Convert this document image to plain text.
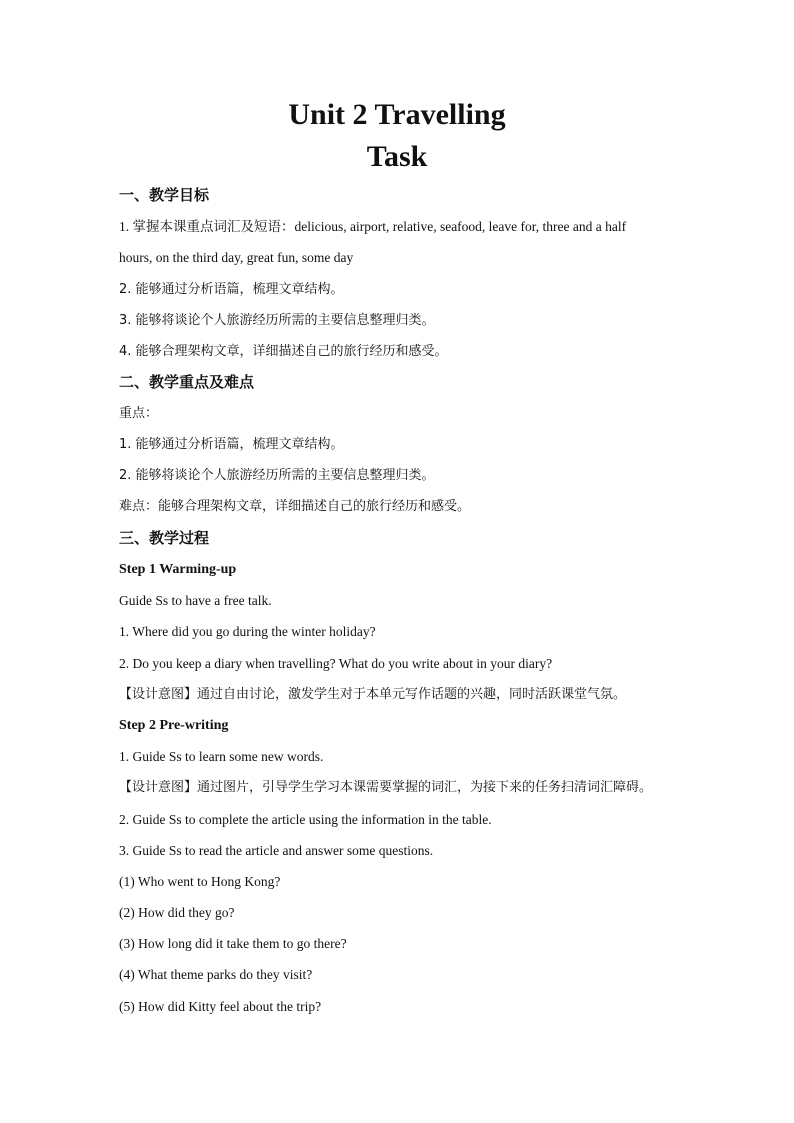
Unit 2 Travelling
Task
一、教学目标
1. 掌握本课重点词汇及短语：delicious, airport, relative, seafood, leave for, three and a half
hours, on the third day, great fun, some day
2. 能够通过分析语篇，梳理文章结构。
3. 能够将谈论个人旅游经历所需的主要信息整理归类。
4. 能够合理架构文章，详细描述自己的旅行经历和感受。
二、教学重点及难点
重点：
1. 能够通过分析语篇，梳理文章结构。
2. 能够将谈论个人旅游经历所需的主要信息整理归类。
难点：能够合理架构文章，详细描述自己的旅行经历和感受。
三、教学过程
Step 1 Warming-up
Guide Ss to have a free talk.
1. Where did you go during the winter holiday?
2. Do you keep a diary when travelling? What do you write about in your diary?
【设计意图】通过自由讨论，激发学生对于本单元写作话题的兴趣，同时活跃课堂气氛。
Step 2 Pre-writing
1. Guide Ss to learn some new words.
【设计意图】通过图片，引导学生学习本课需要掌握的词汇，为接下来的任务扫清词汇障碍。
2. Guide Ss to complete the article using the information in the table.
3. Guide Ss to read the article and answer some questions.
(1) Who went to Hong Kong?
(2) How did they go?
(3) How long did it take them to go there?
(4) What theme parks do they visit?
(5) How did Kitty feel about the trip?
